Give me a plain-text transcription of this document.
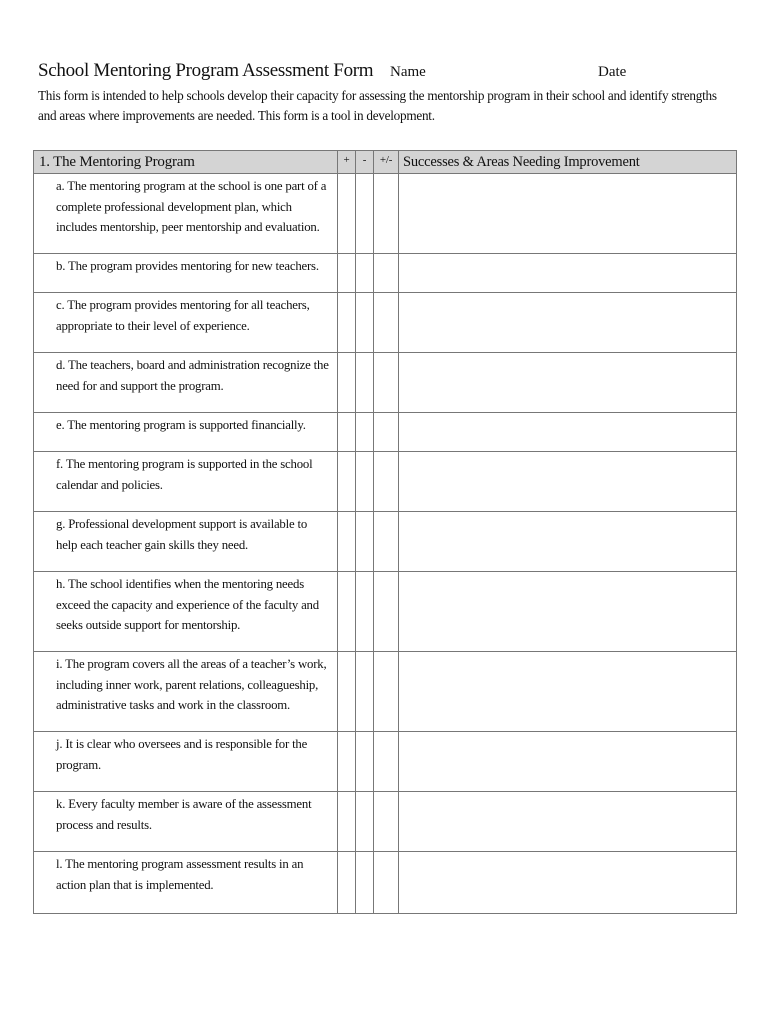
School Mentoring Program Assessment Form Name	Date
This form is intended to help schools develop their capacity for assessing the mentorship program in their school and identify strengths and areas where improvements are needed. This form is a tool in development.
1. The Mentoring Program	+	-	+/-	Successes & Areas Needing Improvement

a. The mentoring program at the school is one part of a complete professional development plan, which includes mentorship, peer mentorship and evaluation.				

b. The program provides mentoring for new teachers.				

c. The program provides mentoring for all teachers, appropriate to their level of experience.				

d. The teachers, board and administration recognize the need for and support the program.				

e. The mentoring program is supported financially.				

f. The mentoring program is supported in the school calendar and policies.				

g. Professional development support is available to help each teacher gain skills they need.				

h. The school identifies when the mentoring needs exceed the capacity and experience of the faculty and seeks outside support for mentorship.				

i. The program covers all the areas of a teacher’s work, including inner work, parent relations, colleagueship, administrative tasks and work in the classroom.				

j. It is clear who oversees and is responsible for the program.				

k. Every faculty member is aware of the assessment process and results.				

l. The mentoring program assessment results in an action plan that is implemented.				
